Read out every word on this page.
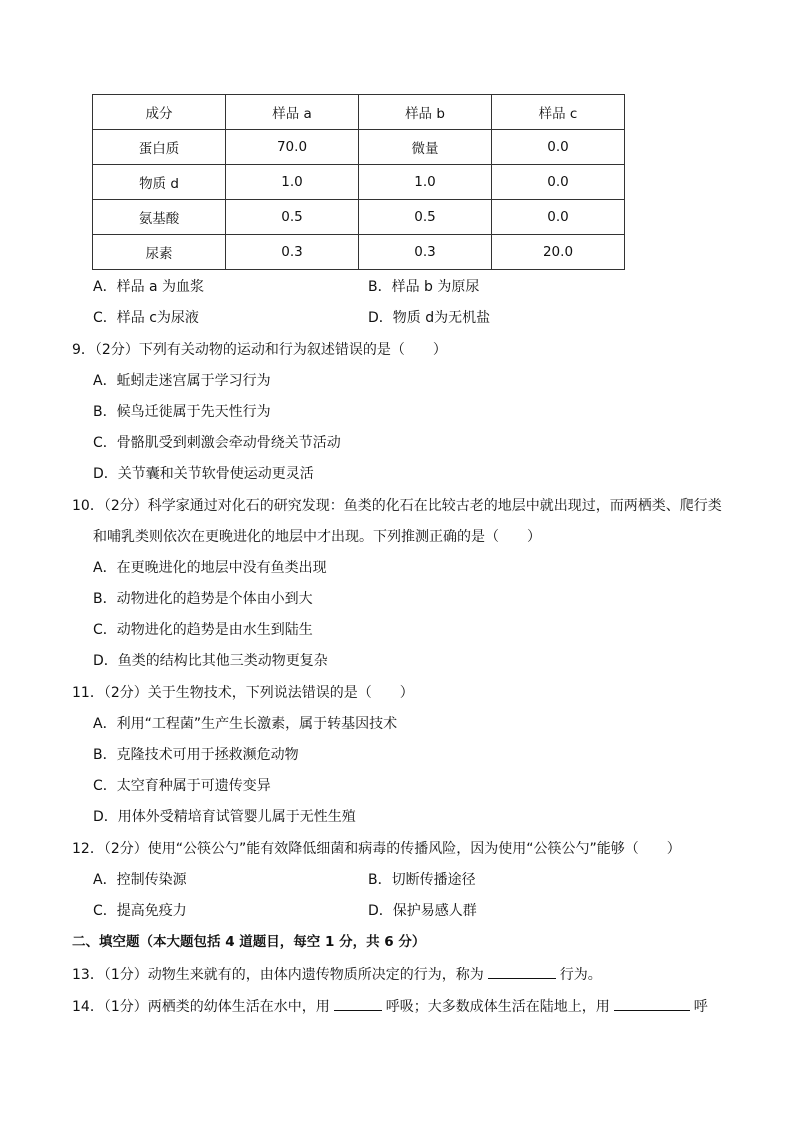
成分	样品 a	样品 b	样品 c
蛋白质	70.0	微量	0.0
物质 d	1.0	1.0	0.0
氨基酸	0.5	0.5	0.0
尿素	0.3	0.3	20.0
A．样品 a 为血浆	B．样品 b 为原尿
C．样品 c为尿液	D．物质 d为无机盐
9．（2分）下列有关动物的运动和行为叙述错误的是（　　）
A．蚯蚓走迷宫属于学习行为
B．候鸟迁徙属于先天性行为
C．骨骼肌受到刺激会牵动骨绕关节活动
D．关节囊和关节软骨使运动更灵活
10．（2分）科学家通过对化石的研究发现：鱼类的化石在比较古老的地层中就出现过，而两栖类、爬行类
和哺乳类则依次在更晚进化的地层中才出现。下列推测正确的是（　　）
A．在更晚进化的地层中没有鱼类出现
B．动物进化的趋势是个体由小到大
C．动物进化的趋势是由水生到陆生
D．鱼类的结构比其他三类动物更复杂
11．（2分）关于生物技术，下列说法错误的是（　　）
A．利用“工程菌”生产生长激素，属于转基因技术
B．克隆技术可用于拯救濒危动物
C．太空育种属于可遗传变异
D．用体外受精培育试管婴儿属于无性生殖
12．（2分）使用“公筷公勺”能有效降低细菌和病毒的传播风险，因为使用“公筷公勺”能够（　　）
A．控制传染源	B．切断传播途径
C．提高免疫力	D．保护易感人群
二、填空题（本大题包括 4 道题目，每空 1 分，共 6 分）
13．（1分）动物生来就有的，由体内遗传物质所决定的行为，称为	行为。
14．（1分）两栖类的幼体生活在水中，用	呼吸；大多数成体生活在陆地上，用	呼
